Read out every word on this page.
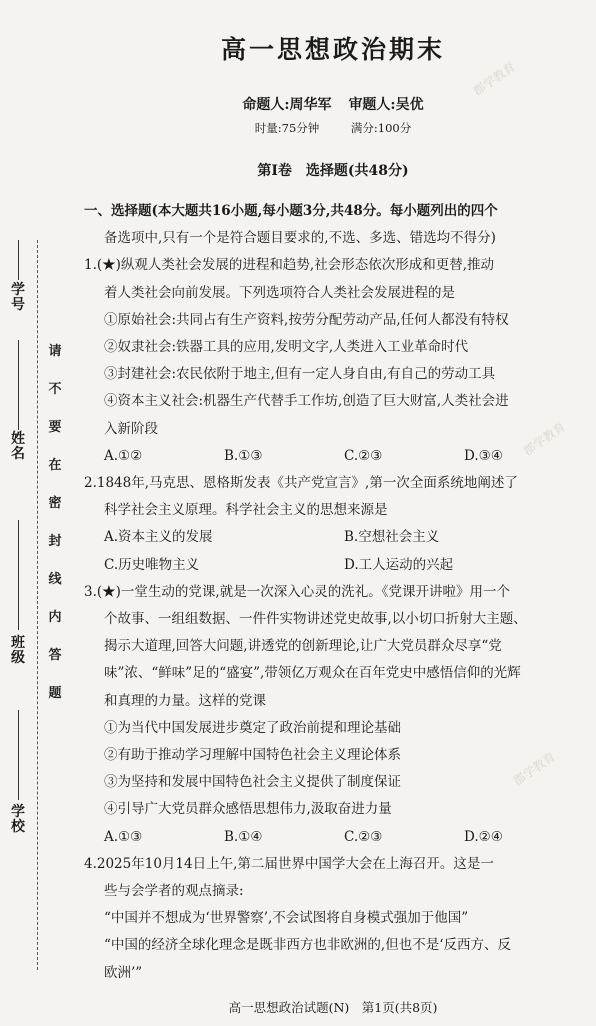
学号
姓名
班级
学校
请
不
要
在
密
封
线
内
答
题
郡学教育
郡学教育
郡学教育
高一思想政治期末
命题人:周华军 审题人:吴优
时量:75分钟	满分:100分
第Ⅰ卷　选择题(共48分)

一、选择题(本大题共16小题,每小题3分,共48分。每小题列出的四个

备选项中,只有一个是符合题目要求的,不选、多选、错选均不得分)

1.(★)纵观人类社会发展的进程和趋势,社会形态依次形成和更替,推动

着人类社会向前发展。下列选项符合人类社会发展进程的是

①原始社会:共同占有生产资料,按劳分配劳动产品,任何人都没有特权

②奴隶社会:铁器工具的应用,发明文字,人类进入工业革命时代

③封建社会:农民依附于地主,但有一定人身自由,有自己的劳动工具

④资本主义社会:机器生产代替手工作坊,创造了巨大财富,人类社会进

入新阶段

A.①②	B.①③	C.②③	D.③④

2.1848年,马克思、恩格斯发表《共产党宣言》,第一次全面系统地阐述了

科学社会主义原理。科学社会主义的思想来源是

A.资本主义的发展	B.空想社会主义
C.历史唯物主义	D.工人运动的兴起

3.(★)一堂生动的党课,就是一次深入心灵的洗礼。《党课开讲啦》用一个

个故事、一组组数据、一件件实物讲述党史故事,以小切口折射大主题、

揭示大道理,回答大问题,讲透党的创新理论,让广大党员群众尽享“党

味”浓、“鲜味”足的“盛宴”,带领亿万观众在百年党史中感悟信仰的光辉

和真理的力量。这样的党课

①为当代中国发展进步奠定了政治前提和理论基础

②有助于推动学习理解中国特色社会主义理论体系

③为坚持和发展中国特色社会主义提供了制度保证

④引导广大党员群众感悟思想伟力,汲取奋进力量

A.①③	B.①④	C.②③	D.②④

4.2025年10月14日上午,第二届世界中国学大会在上海召开。这是一

些与会学者的观点摘录:

“中国并不想成为‘世界警察’,不会试图将自身模式强加于他国”

“中国的经济全球化理念是既非西方也非欧洲的,但也不是‘反西方、反

欧洲’”

高一思想政治试题(N)　第1页(共8页)
